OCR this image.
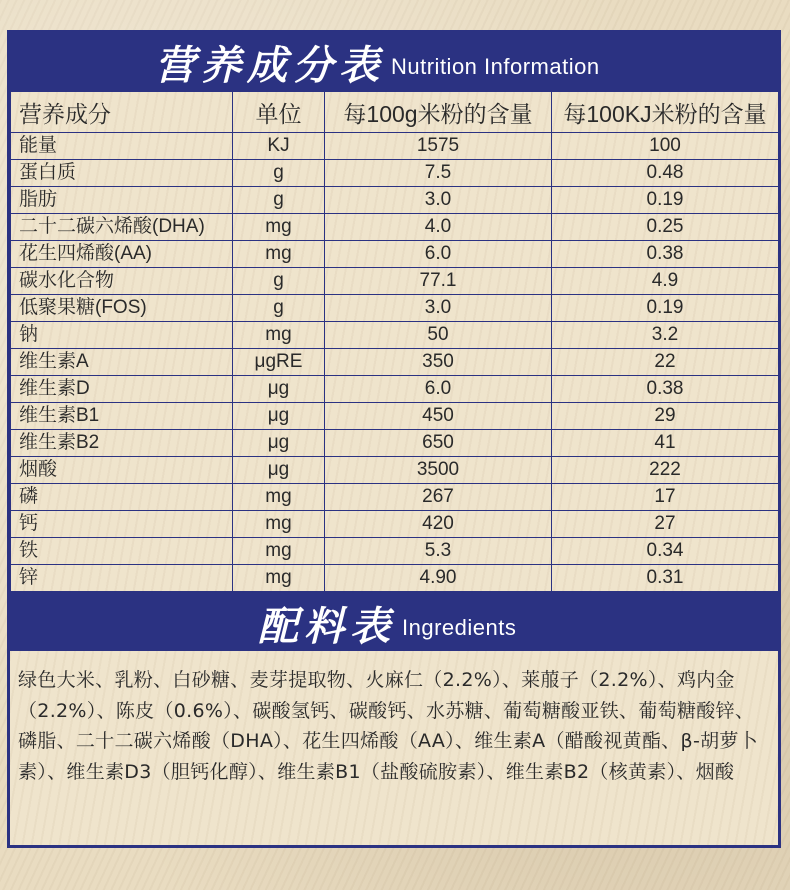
营养成分表 Nutrition Information
营养成分	单位	每100g米粉的含量	每100KJ米粉的含量
能量	KJ	1575	100
蛋白质	g	7.5	0.48
脂肪	g	3.0	0.19
二十二碳六烯酸(DHA)	mg	4.0	0.25
花生四烯酸(AA)	mg	6.0	0.38
碳水化合物	g	77.1	4.9
低聚果糖(FOS)	g	3.0	0.19
钠	mg	50	3.2
维生素A	μgRE	350	22
维生素D	μg	6.0	0.38
维生素B1	μg	450	29
维生素B2	μg	650	41
烟酸	μg	3500	222
磷	mg	267	17
钙	mg	420	27
铁	mg	5.3	0.34
锌	mg	4.90	0.31
配料表 Ingredients
绿色大米、乳粉、白砂糖、麦芽提取物、火麻仁（2.2%）、莱菔子（2.2%）、鸡内金（2.2%）、陈皮（0.6%）、碳酸氢钙、碳酸钙、水苏糖、葡萄糖酸亚铁、葡萄糖酸锌、磷脂、二十二碳六烯酸（DHA）、花生四烯酸（AA）、维生素A（醋酸视黄酯、β-胡萝卜素）、维生素D3（胆钙化醇）、维生素B1（盐酸硫胺素）、维生素B2（核黄素）、烟酸
